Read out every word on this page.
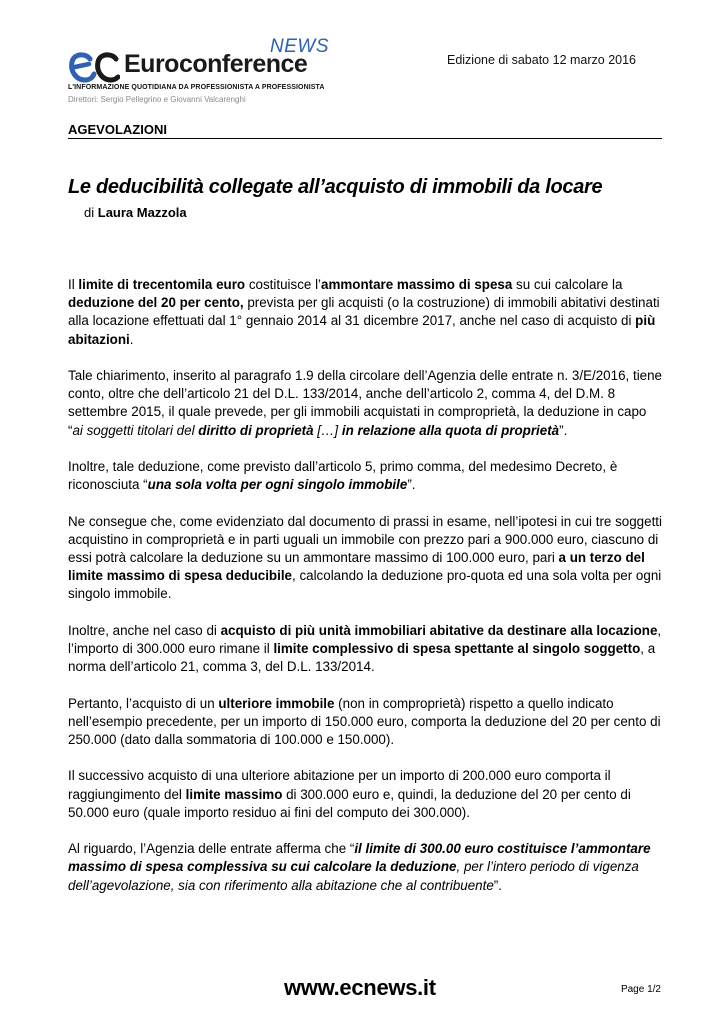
NEWS
Euroconference
L'INFORMAZIONE QUOTIDIANA DA PROFESSIONISTA A PROFESSIONISTA
Direttori: Sergio Pellegrino e Giovanni Valcarenghi
Edizione di sabato 12 marzo 2016
AGEVOLAZIONI
Le deducibilità collegate all’acquisto di immobili da locare
di Laura Mazzola

Il limite di trecentomila euro costituisce l’ammontare massimo di spesa su cui calcolare la deduzione del 20 per cento, prevista per gli acquisti (o la costruzione) di immobili abitativi destinati alla locazione effettuati dal 1° gennaio 2014 al 31 dicembre 2017, anche nel caso di acquisto di più abitazioni.

Tale chiarimento, inserito al paragrafo 1.9 della circolare dell’Agenzia delle entrate n. 3/E/2016, tiene conto, oltre che dell’articolo 21 del D.L. 133/2014, anche dell’articolo 2, comma 4, del D.M. 8 settembre 2015, il quale prevede, per gli immobili acquistati in comproprietà, la deduzione in capo “ai soggetti titolari del diritto di proprietà […] in relazione alla quota di proprietà”.

Inoltre, tale deduzione, come previsto dall’articolo 5, primo comma, del medesimo Decreto, è riconosciuta “una sola volta per ogni singolo immobile”.

Ne consegue che, come evidenziato dal documento di prassi in esame, nell’ipotesi in cui tre soggetti acquistino in comproprietà e in parti uguali un immobile con prezzo pari a 900.000 euro, ciascuno di essi potrà calcolare la deduzione su un ammontare massimo di 100.000 euro, pari a un terzo del limite massimo di spesa deducibile, calcolando la deduzione pro-quota ed una sola volta per ogni singolo immobile.

Inoltre, anche nel caso di acquisto di più unità immobiliari abitative da destinare alla locazione, l’importo di 300.000 euro rimane il limite complessivo di spesa spettante al singolo soggetto, a norma dell’articolo 21, comma 3, del D.L. 133/2014.

Pertanto, l’acquisto di un ulteriore immobile (non in comproprietà) rispetto a quello indicato nell’esempio precedente, per un importo di 150.000 euro, comporta la deduzione del 20 per cento di 250.000 (dato dalla sommatoria di 100.000 e 150.000).

Il successivo acquisto di una ulteriore abitazione per un importo di 200.000 euro comporta il raggiungimento del limite massimo di 300.000 euro e, quindi, la deduzione del 20 per cento di 50.000 euro (quale importo residuo ai fini del computo dei 300.000).

Al riguardo, l’Agenzia delle entrate afferma che “il limite di 300.00 euro costituisce l’ammontare massimo di spesa complessiva su cui calcolare la deduzione, per l’intero periodo di vigenza dell’agevolazione, sia con riferimento alla abitazione che al contribuente”.

www.ecnews.it	Page 1/2
